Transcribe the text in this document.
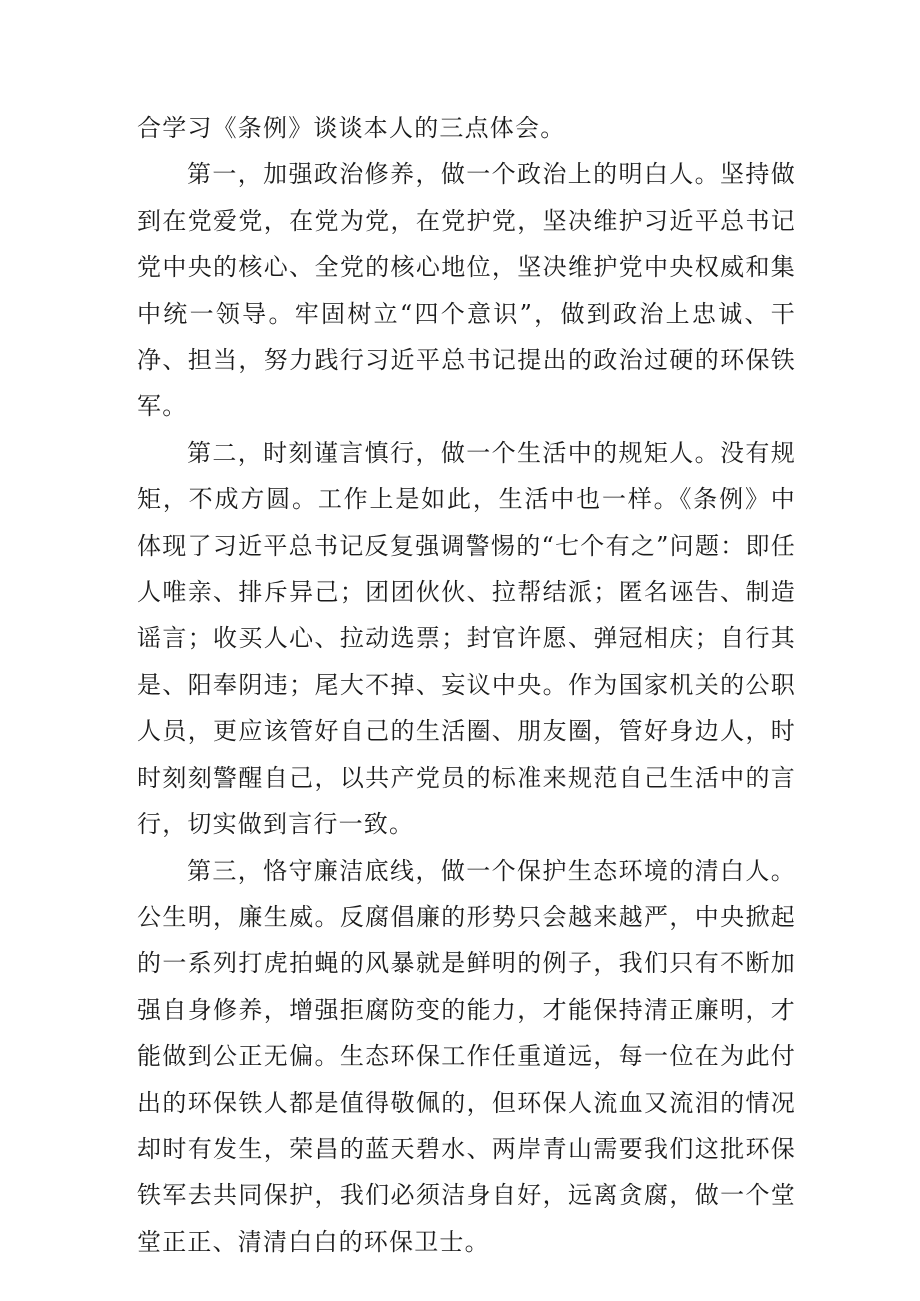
合学习《条例》谈谈本人的三点体会。

第一，加强政治修养，做一个政治上的明白人。坚持做到在党爱党，在党为党，在党护党，坚决维护习近平总书记党中央的核心、全党的核心地位，坚决维护党中央权威和集中统一领导。牢固树立“四个意识”，做到政治上忠诚、干净、担当，努力践行习近平总书记提出的政治过硬的环保铁军。

第二，时刻谨言慎行，做一个生活中的规矩人。没有规矩，不成方圆。工作上是如此，生活中也一样。《条例》中体现了习近平总书记反复强调警惕的“七个有之”问题：即任人唯亲、排斥异己；团团伙伙、拉帮结派；匿名诬告、制造谣言；收买人心、拉动选票；封官许愿、弹冠相庆；自行其是、阳奉阴违；尾大不掉、妄议中央。作为国家机关的公职人员，更应该管好自己的生活圈、朋友圈，管好身边人，时时刻刻警醒自己，以共产党员的标准来规范自己生活中的言行，切实做到言行一致。

第三，恪守廉洁底线，做一个保护生态环境的清白人。公生明，廉生威。反腐倡廉的形势只会越来越严，中央掀起的一系列打虎拍蝇的风暴就是鲜明的例子，我们只有不断加强自身修养，增强拒腐防变的能力，才能保持清正廉明，才能做到公正无偏。生态环保工作任重道远，每一位在为此付出的环保铁人都是值得敬佩的，但环保人流血又流泪的情况却时有发生，荣昌的蓝天碧水、两岸青山需要我们这批环保铁军去共同保护，我们必须洁身自好，远离贪腐，做一个堂堂正正、清清白白的环保卫士。
